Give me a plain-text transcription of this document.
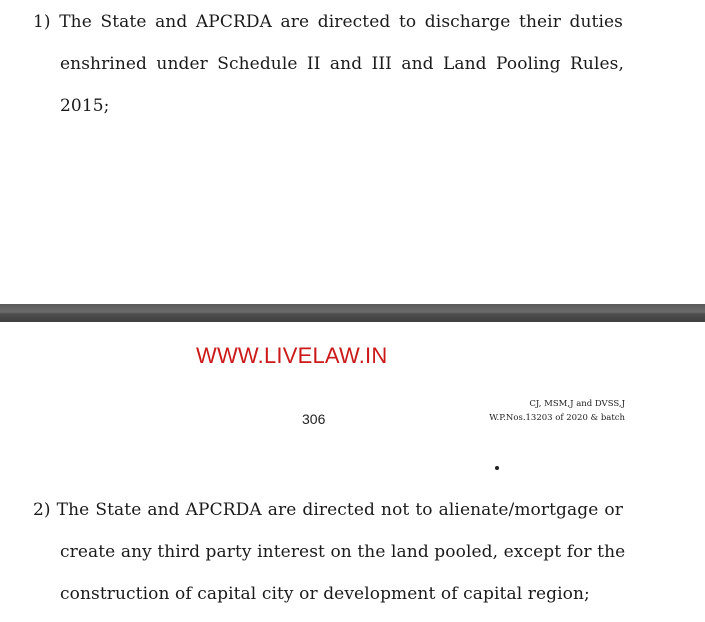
1) The State and APCRDA are directed to discharge their duties
enshrined under Schedule II and III and Land Pooling Rules,
2015;
WWW.LIVELAW.IN
306
CJ, MSM,J and DVSS,J
W.P.Nos.13203 of 2020 & batch
2) The State and APCRDA are directed not to alienate/mortgage or
create any third party interest on the land pooled, except for the
construction of capital city or development of capital region;
